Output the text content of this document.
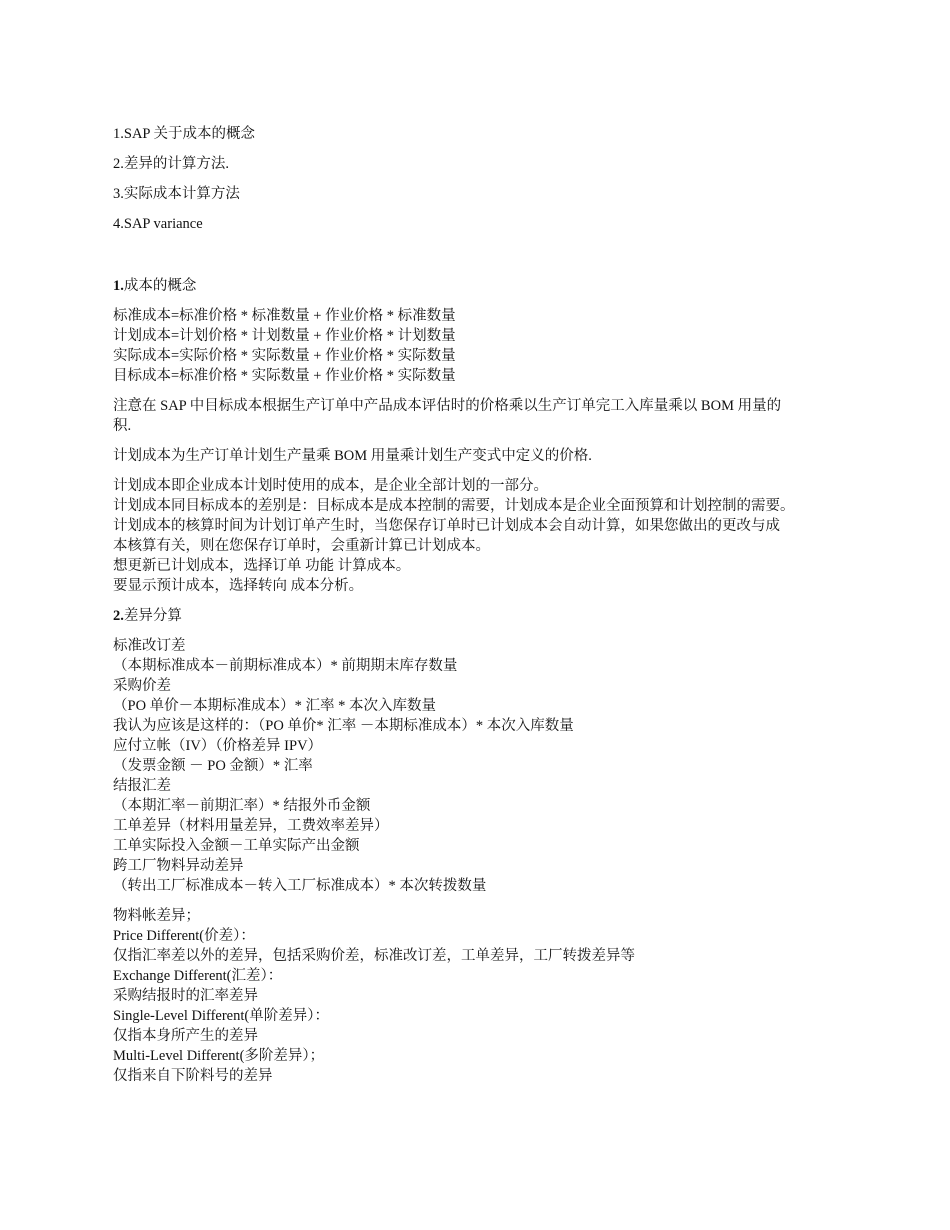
1.SAP 关于成本的概念
2.差异的计算方法.
3.实际成本计算方法
4.SAP variance
1.成本的概念
标准成本=标准价格 * 标准数量 + 作业价格 * 标准数量
计划成本=计划价格 * 计划数量 + 作业价格 * 计划数量
实际成本=实际价格 * 实际数量 + 作业价格 * 实际数量
目标成本=标准价格 * 实际数量 + 作业价格 * 实际数量
注意在 SAP 中目标成本根据生产订单中产品成本评估时的价格乘以生产订单完工入库量乘以 BOM 用量的
积.
计划成本为生产订单计划生产量乘 BOM 用量乘计划生产变式中定义的价格.
计划成本即企业成本计划时使用的成本，是企业全部计划的一部分。
计划成本同目标成本的差别是：目标成本是成本控制的需要，计划成本是企业全面预算和计划控制的需要。
计划成本的核算时间为计划订单产生时，当您保存订单时已计划成本会自动计算，如果您做出的更改与成
本核算有关，则在您保存订单时，会重新计算已计划成本。
想更新已计划成本，选择订单 功能 计算成本。
要显示预计成本，选择转向 成本分析。
2.差异分算
标准改订差
（本期标准成本－前期标准成本）* 前期期末库存数量
采购价差
（PO 单价－本期标准成本）* 汇率 * 本次入库数量
我认为应该是这样的：（PO 单价* 汇率 －本期标准成本）* 本次入库数量
应付立帐（IV）（价格差异 IPV）
（发票金额 － PO 金额）* 汇率
结报汇差
（本期汇率－前期汇率）* 结报外币金额
工单差异（材料用量差异，工费效率差异）
工单实际投入金额－工单实际产出金额
跨工厂物料异动差异
（转出工厂标准成本－转入工厂标准成本）* 本次转拨数量
物料帐差异；
Price Different(价差）：
仅指汇率差以外的差异，包括采购价差，标准改订差，工单差异，工厂转拨差异等
Exchange Different(汇差）：
采购结报时的汇率差异
Single-Level Different(单阶差异）：
仅指本身所产生的差异
Multi-Level Different(多阶差异）；
仅指来自下阶料号的差异
